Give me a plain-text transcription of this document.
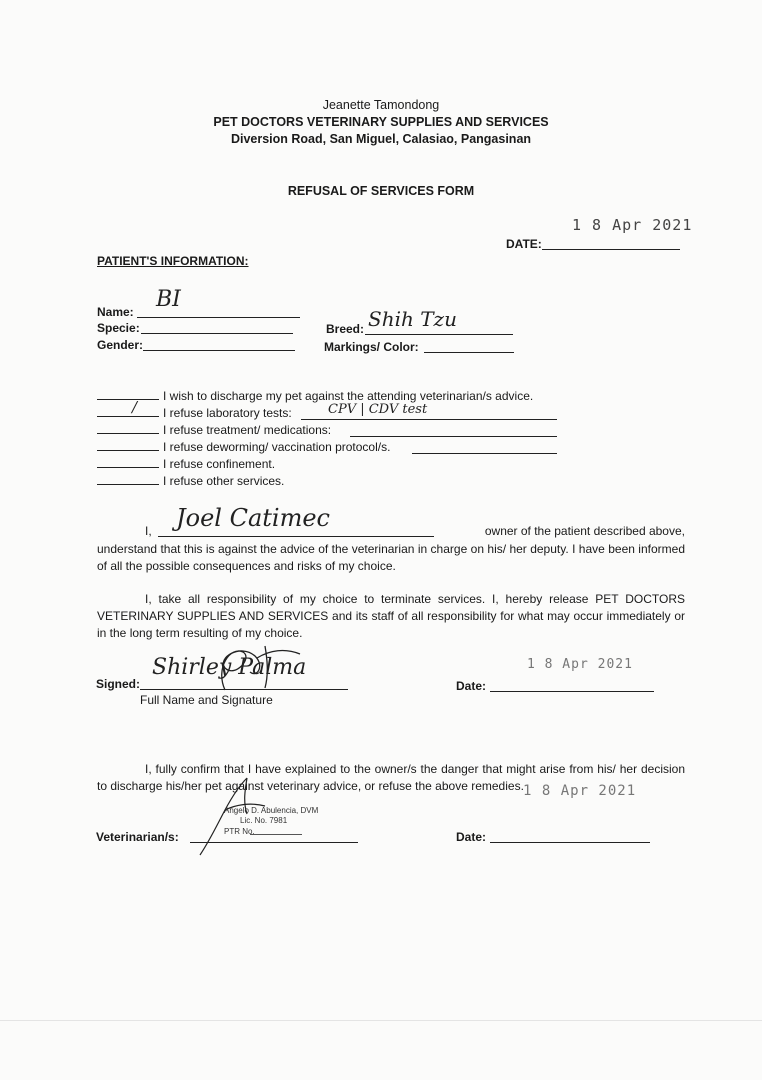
Jeanette Tamondong
PET DOCTORS VETERINARY SUPPLIES AND SERVICES
Diversion Road, San Miguel, Calasiao, Pangasinan
REFUSAL OF SERVICES FORM
1 8 Apr 2021
DATE:
PATIENT'S INFORMATION:
Name: BI
Specie:
Gender:
Breed: Shih Tzu
Markings/ Color:
I wish to discharge my pet against the attending veterinarian/s advice.
I refuse laboratory tests:
/	CPV | CDV test
I refuse treatment/ medications:
I refuse deworming/ vaccination protocol/s.
I refuse confinement.
I refuse other services.
I, Joel Catimec	owner of the patient described above,
understand that this is against the advice of the veterinarian in charge on his/ her deputy. I have been informed of all the possible consequences and risks of my choice.
I, take all responsibility of my choice to terminate services. I, hereby release PET DOCTORS VETERINARY SUPPLIES AND SERVICES and its staff of all responsibility for what may occur immediately or in the long term resulting of my choice.
Signed:
Shirley Palma
Full Name and Signature
1 8 Apr 2021
Date:
I, fully confirm that I have explained to the owner/s the danger that might arise from his/ her decision to discharge his/her pet against veterinary advice, or refuse the above remedies.
Angelo D. Abulencia, DVM
Lic. No. 7981
PTR No.
Veterinarian/s:
1 8 Apr 2021
Date:
